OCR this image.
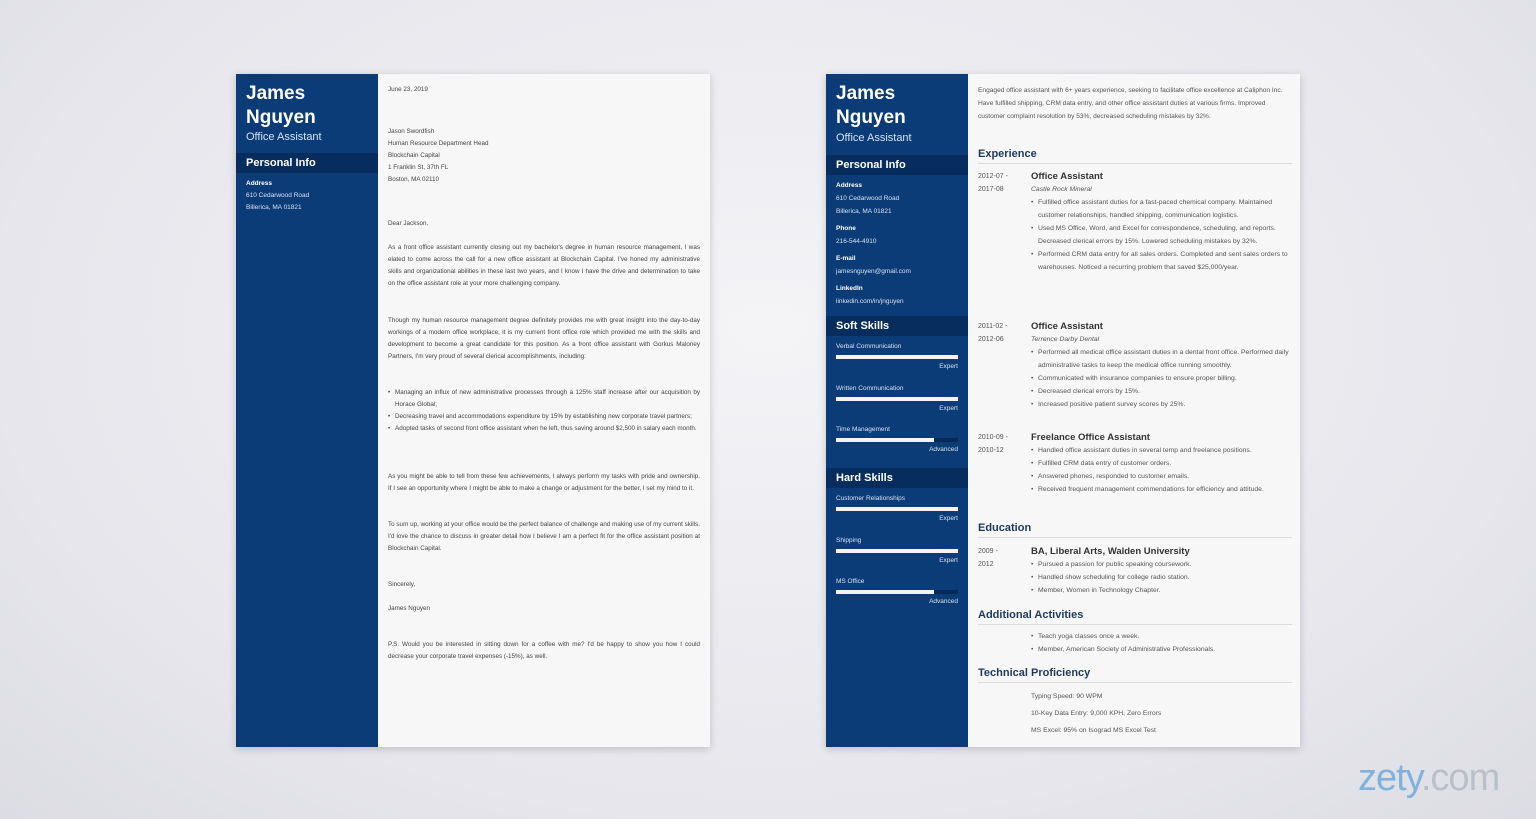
James
Nguyen
Office Assistant
Personal Info
Address
610 Cedarwood Road
Billerica, MA 01821
June 23, 2019
Jason Swordfish
Human Resource Department Head
Blockchain Capital
1 Franklin St, 37th FL
Boston, MA 02110
Dear Jackson,
As a front office assistant currently closing out my bachelor's degree in human resource management, I was elated to come across the call for a new office assistant at Blockchain Capital. I've honed my administrative skills and organizational abilities in these last two years, and I know I have the drive and determination to take on the office assistant role at your more challenging company.
Though my human resource management degree definitely provides me with great insight into the day-to-day workings of a modern office workplace, it is my current front office role which provided me with the skills and development to become a great candidate for this position. As a front office assistant with Gorkus Maloney Partners, I'm very proud of several clerical accomplishments, including:
• Managing an influx of new administrative processes through a 125% staff increase after our acquisition by Horace Global;
• Decreasing travel and accommodations expenditure by 15% by establishing new corporate travel partners;
• Adopted tasks of second front office assistant when he left, thus saving around $2,500 in salary each month.
As you might be able to tell from these few achievements, I always perform my tasks with pride and ownership. If I see an opportunity where I might be able to make a change or adjustment for the better, I set my mind to it.
To sum up, working at your office would be the perfect balance of challenge and making use of my current skills. I'd love the chance to discuss in greater detail how I believe I am a perfect fit for the office assistant position at Blockchain Capital.
Sincerely,
James Nguyen
P.S. Would you be interested in sitting down for a coffee with me? I'd be happy to show you how I could decrease your corporate travel expenses (-15%), as well.
James
Nguyen
Office Assistant
Personal Info
Address
610 Cedarwood Road
Billerica, MA 01821
Phone
216-544-4910
E-mail
jamesnguyen@gmail.com
LinkedIn
linkedin.com/in/jnguyen
Soft Skills
Verbal Communication
Expert
Written Communication
Expert
Time Management
Advanced
Hard Skills
Customer Relationships
Expert
Shipping
Expert
MS Office
Advanced
Engaged office assistant with 6+ years experience, seeking to facilitate office excellence at Caliphon Inc. Have fulfilled shipping, CRM data entry, and other office assistant duties at various firms. Improved customer complaint resolution by 53%, decreased scheduling mistakes by 32%.
Experience
2012-07 -
2017-08
Office Assistant
Castle Rock Mineral
• Fulfilled office assistant duties for a fast-paced chemical company. Maintained customer relationships, handled shipping, communication logistics.
• Used MS Office, Word, and Excel for correspondence, scheduling, and reports. Decreased clerical errors by 15%. Lowered scheduling mistakes by 32%.
• Performed CRM data entry for all sales orders. Completed and sent sales orders to warehouses. Noticed a recurring problem that saved $25,000/year.
2011-02 -
2012-06
Office Assistant
Terrence Darby Dental
• Performed all medical office assistant duties in a dental front office. Performed daily administrative tasks to keep the medical office running smoothly.
• Communicated with insurance companies to ensure proper billing.
• Decreased clerical errors by 15%.
• Increased positive patient survey scores by 25%.
2010-09 -
2010-12
Freelance Office Assistant
• Handled office assistant duties in several temp and freelance positions.
• Fulfilled CRM data entry of customer orders.
• Answered phones, responded to customer emails.
• Received frequent management commendations for efficiency and attitude.
Education
2009 -
2012
BA, Liberal Arts, Walden University
• Pursued a passion for public speaking coursework.
• Handled show scheduling for college radio station.
• Member, Women in Technology Chapter.
Additional Activities
• Teach yoga classes once a week.
• Member, American Society of Administrative Professionals.
Technical Proficiency
Typing Speed: 90 WPM
10-Key Data Entry: 9,000 KPH, Zero Errors
MS Excel: 95% on Isograd MS Excel Test
zety.com
